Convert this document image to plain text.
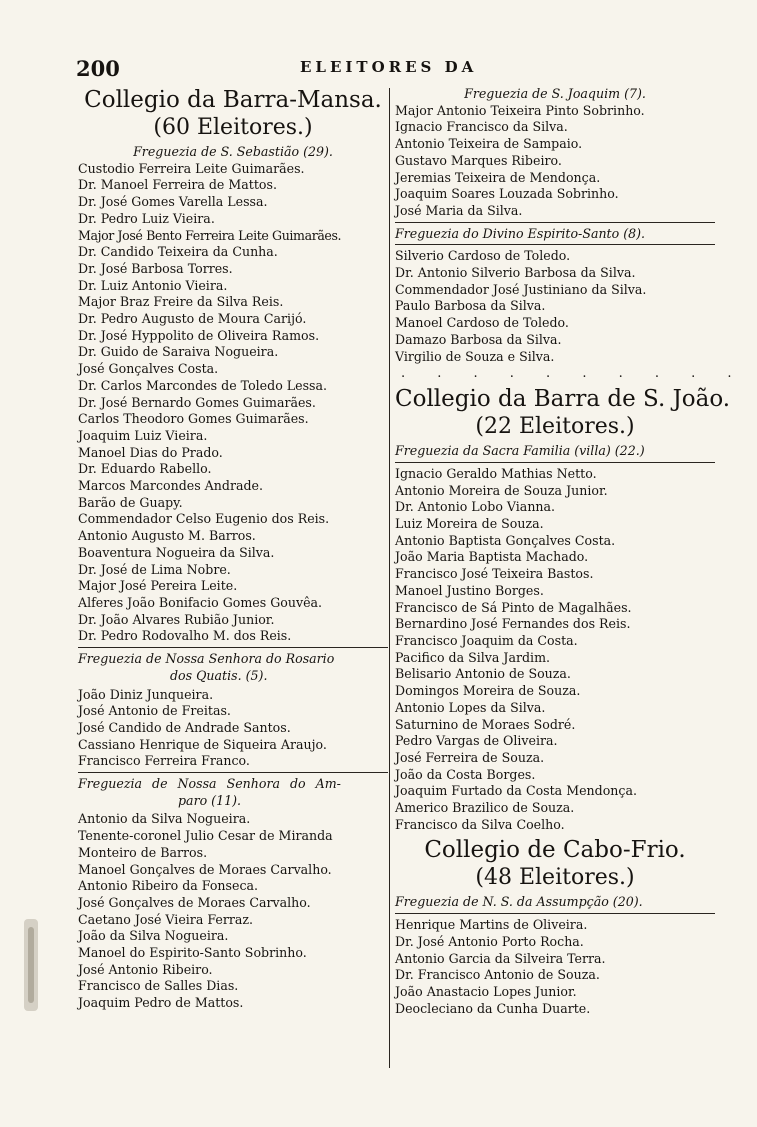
200	ELEITORES DA
Collegio da Barra-Mansa.
(60 Eleitores.)
Freguezia de S. Sebastião (29).
Custodio Ferreira Leite Guimarães.
Dr. Manoel Ferreira de Mattos.
Dr. José Gomes Varella Lessa.
Dr. Pedro Luiz Vieira.
Major José Bento Ferreira Leite Guimarães.
Dr. Candido Teixeira da Cunha.
Dr. José Barbosa Torres.
Dr. Luiz Antonio Vieira.
Major Braz Freire da Silva Reis.
Dr. Pedro Augusto de Moura Carijó.
Dr. José Hyppolito de Oliveira Ramos.
Dr. Guido de Saraiva Nogueira.
José Gonçalves Costa.
Dr. Carlos Marcondes de Toledo Lessa.
Dr. José Bernardo Gomes Guimarães.
Carlos Theodoro Gomes Guimarães.
Joaquim Luiz Vieira.
Manoel Dias do Prado.
Dr. Eduardo Rabello.
Marcos Marcondes Andrade.
Barão de Guapy.
Commendador Celso Eugenio dos Reis.
Antonio Augusto M. Barros.
Boaventura Nogueira da Silva.
Dr. José de Lima Nobre.
Major José Pereira Leite.
Alferes João Bonifacio Gomes Gouvêa.
Dr. João Alvares Rubião Junior.
Dr. Pedro Rodovalho M. dos Reis.
Freguezia de Nossa Senhora do Rosario
dos Quatis. (5).
João Diniz Junqueira.
José Antonio de Freitas.
José Candido de Andrade Santos.
Cassiano Henrique de Siqueira Araujo.
Francisco Ferreira Franco.
Freguezia de Nossa Senhora do Am-
paro (11).
Antonio da Silva Nogueira.
Tenente-coronel Julio Cesar de Miranda Monteiro de Barros.
Manoel Gonçalves de Moraes Carvalho.
Antonio Ribeiro da Fonseca.
José Gonçalves de Moraes Carvalho.
Caetano José Vieira Ferraz.
João da Silva Nogueira.
Manoel do Espirito-Santo Sobrinho.
José Antonio Ribeiro.
Francisco de Salles Dias.
Joaquim Pedro de Mattos.
Freguezia de S. Joaquim (7).
Major Antonio Teixeira Pinto Sobrinho.
Ignacio Francisco da Silva.
Antonio Teixeira de Sampaio.
Gustavo Marques Ribeiro.
Jeremias Teixeira de Mendonça.
Joaquim Soares Louzada Sobrinho.
José Maria da Silva.
Freguezia do Divino Espirito-Santo (8).
Silverio Cardoso de Toledo.
Dr. Antonio Silverio Barbosa da Silva.
Commendador José Justiniano da Silva.
Paulo Barbosa da Silva.
Manoel Cardoso de Toledo.
Damazo Barbosa da Silva.
Virgilio de Souza e Silva.
. . . . . . . . . .
Collegio da Barra de S. João.
(22 Eleitores.)
Freguezia da Sacra Familia (villa) (22.)
Ignacio Geraldo Mathias Netto.
Antonio Moreira de Souza Junior.
Dr. Antonio Lobo Vianna.
Luiz Moreira de Souza.
Antonio Baptista Gonçalves Costa.
João Maria Baptista Machado.
Francisco José Teixeira Bastos.
Manoel Justino Borges.
Francisco de Sá Pinto de Magalhães.
Bernardino José Fernandes dos Reis.
Francisco Joaquim da Costa.
Pacifico da Silva Jardim.
Belisario Antonio de Souza.
Domingos Moreira de Souza.
Antonio Lopes da Silva.
Saturnino de Moraes Sodré.
Pedro Vargas de Oliveira.
José Ferreira de Souza.
João da Costa Borges.
Joaquim Furtado da Costa Mendonça.
Americo Brazilico de Souza.
Francisco da Silva Coelho.
Collegio de Cabo-Frio.
(48 Eleitores.)
Freguezia de N. S. da Assumpção (20).
Henrique Martins de Oliveira.
Dr. José Antonio Porto Rocha.
Antonio Garcia da Silveira Terra.
Dr. Francisco Antonio de Souza.
João Anastacio Lopes Junior.
Deocleciano da Cunha Duarte.
